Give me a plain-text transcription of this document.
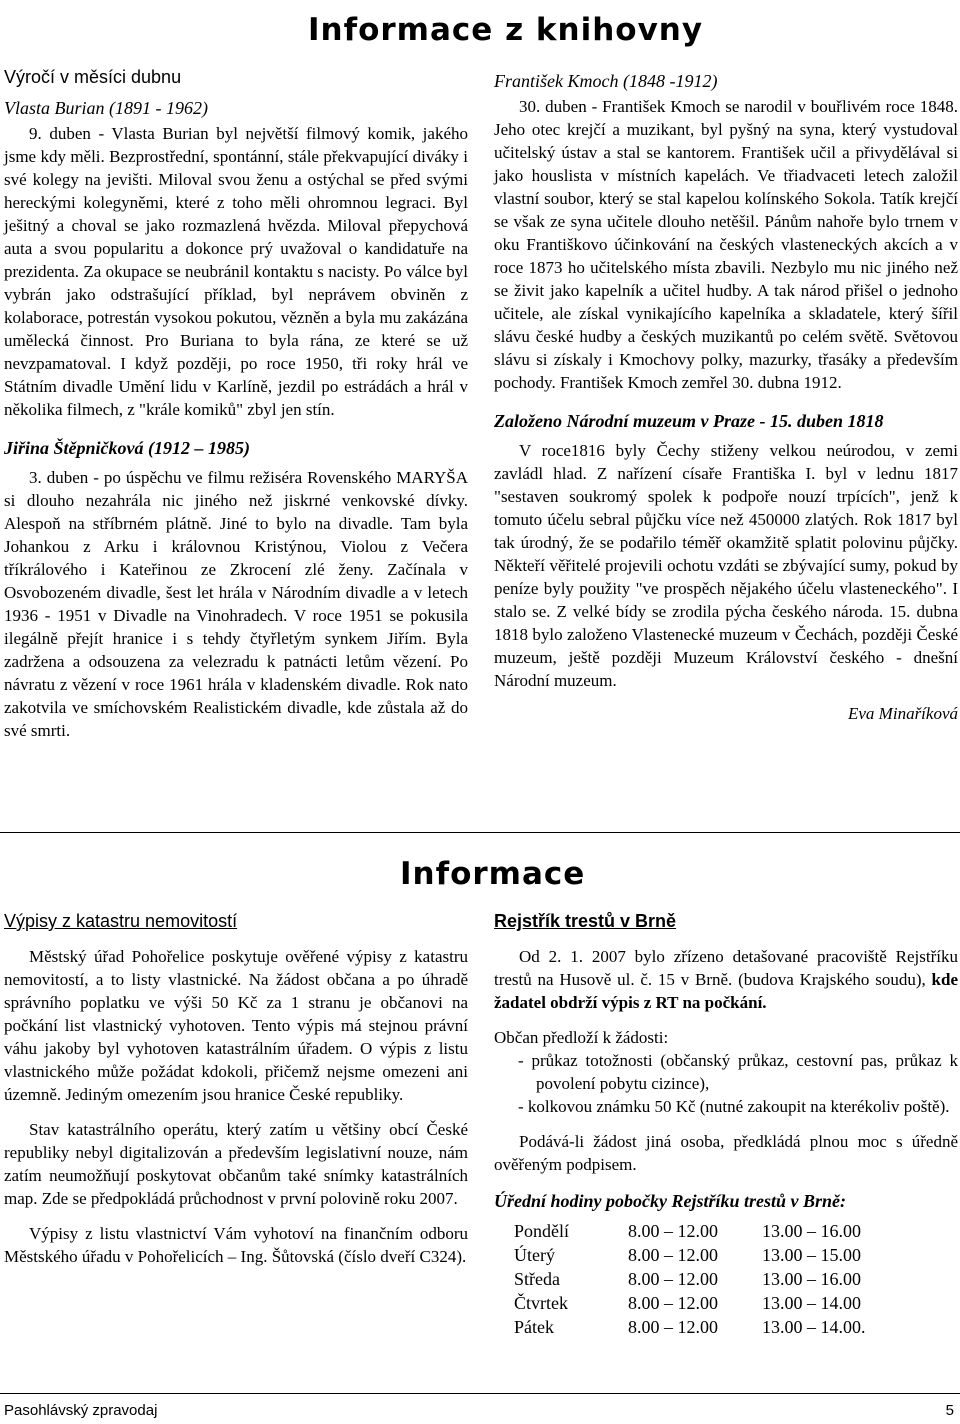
Informace z knihovny
Výročí v měsíci dubnu
Vlasta Burian (1891 - 1962)

9. duben - Vlasta Burian byl největší filmový komik, jakého jsme kdy měli. Bezprostřední, spontánní, stále překvapující diváky i své kolegy na jevišti. Miloval svou ženu a ostýchal se před svými hereckými kolegyněmi, které z toho měli ohromnou legraci. Byl ješitný a choval se jako rozmazlená hvězda. Miloval přepychová auta a svou popularitu a dokonce prý uvažoval o kandidatuře na prezidenta. Za okupace se neubránil kontaktu s nacisty. Po válce byl vybrán jako odstrašující příklad, byl neprávem obviněn z kolaborace, potrestán vysokou pokutou, vězněn a byla mu zakázána umělecká činnost. Pro Buriana to byla rána, ze které se už nevzpamatoval. I když později, po roce 1950, tři roky hrál ve Státním divadle Umění lidu v Karlíně, jezdil po estrádách a hrál v několika filmech, z "krále komiků" zbyl jen stín.

Jiřina Štěpničková (1912 – 1985)

3. duben - po úspěchu ve filmu režiséra Rovenského MARYŠA si dlouho nezahrála nic jiného než jiskrné venkovské dívky. Alespoň na stříbrném plátně. Jiné to bylo na divadle. Tam byla Johankou z Arku i královnou Kristýnou, Violou z Večera tříkrálového i Kateřinou ze Zkrocení zlé ženy. Začínala v Osvobozeném divadle, šest let hrála v Národním divadle a v letech 1936 - 1951 v Divadle na Vinohradech. V roce 1951 se pokusila ilegálně přejít hranice i s tehdy čtyřletým synkem Jiřím. Byla zadržena a odsouzena za velezradu k patnácti letům vězení. Po návratu z vězení v roce 1961 hrála v kladenském divadle. Rok nato zakotvila ve smíchovském Realistickém divadle, kde zůstala až do své smrti.

František Kmoch (1848 -1912)

30. duben - František Kmoch se narodil v bouřlivém roce 1848. Jeho otec krejčí a muzikant, byl pyšný na syna, který vystudoval učitelský ústav a stal se kantorem. František učil a přivydělával si jako houslista v místních kapelách. Ve třiadvaceti letech založil vlastní soubor, který se stal kapelou kolínského Sokola. Tatík krejčí se však ze syna učitele dlouho netěšil. Pánům nahoře bylo trnem v oku Františkovo účinkování na českých vlasteneckých akcích a v roce 1873 ho učitelského místa zbavili. Nezbylo mu nic jiného než se živit jako kapelník a učitel hudby. A tak národ přišel o jednoho učitele, ale získal vynikajícího kapelníka a skladatele, který šířil slávu české hudby a českých muzikantů po celém světě. Světovou slávu si získaly i Kmochovy polky, mazurky, třasáky a především pochody. František Kmoch zemřel 30. dubna 1912.

Založeno Národní muzeum v Praze - 15. duben 1818

V roce1816 byly Čechy stiženy velkou neúrodou, v zemi zavládl hlad. Z nařízení císaře Františka I. byl v lednu 1817 "sestaven soukromý spolek k podpoře nouzí trpících", jenž k tomuto účelu sebral půjčku více než 450000 zlatých. Rok 1817 byl tak úrodný, že se podařilo téměř okamžitě splatit polovinu půjčky. Někteří věřitelé projevili ochotu vzdáti se zbývající sumy, pokud by peníze byly použity "ve prospěch nějakého účelu vlasteneckého". I stalo se. Z velké bídy se zrodila pýcha českého národa. 15. dubna 1818 bylo založeno Vlastenecké muzeum v Čechách, později České muzeum, ještě později Muzeum Království českého - dnešní Národní muzeum.

Eva Minaříková
Informace
Výpisy z katastru nemovitostí

Městský úřad Pohořelice poskytuje ověřené výpisy z katastru nemovitostí, a to listy vlastnické. Na žádost občana a po úhradě správního poplatku ve výši 50 Kč za 1 stranu je občanovi na počkání list vlastnický vyhotoven. Tento výpis má stejnou právní váhu jakoby byl vyhotoven katastrálním úřadem. O výpis z listu vlastnického může požádat kdokoli, přičemž nejsme omezeni ani územně. Jediným omezením jsou hranice České republiky.

Stav katastrálního operátu, který zatím u většiny obcí České republiky nebyl digitalizován a především legislativní nouze, nám zatím neumožňují poskytovat občanům také snímky katastrálních map. Zde se předpokládá průchodnost v první polovině roku 2007.

Výpisy z listu vlastnictví Vám vyhotoví na finančním odboru Městského úřadu v Pohořelicích – Ing. Šůtovská (číslo dveří C324).

Rejstřík trestů v Brně

Od 2. 1. 2007 bylo zřízeno detašované pracoviště Rejstříku trestů na Husově ul. č. 15 v Brně. (budova Krajského soudu), kde žadatel obdrží výpis z RT na počkání.

Občan předloží k žádosti:

- průkaz totožnosti (občanský průkaz, cestovní pas, průkaz k povolení pobytu cizince),
- kolkovou známku 50 Kč (nutné zakoupit na kterékoliv poště).

Podává-li žádost jiná osoba, předkládá plnou moc s úředně ověřeným podpisem.

Úřední hodiny pobočky Rejstříku trestů v Brně:
Pondělí	8.00 – 12.00	13.00 – 16.00
Úterý	8.00 – 12.00	13.00 – 15.00
Středa	8.00 – 12.00	13.00 – 16.00
Čtvrtek	8.00 – 12.00	13.00 – 14.00
Pátek	8.00 – 12.00	13.00 – 14.00.
Pasohlávský zpravodaj	5
